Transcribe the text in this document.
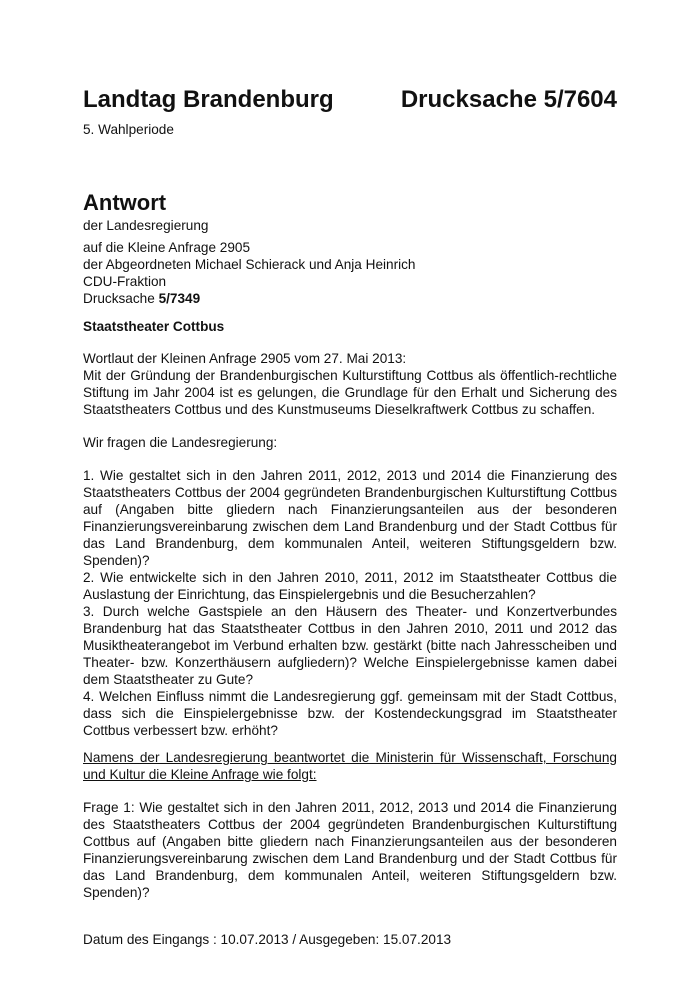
Landtag Brandenburg	Drucksache 5/7604
5. Wahlperiode
Antwort
der Landesregierung
auf die Kleine Anfrage 2905
der Abgeordneten Michael Schierack und Anja Heinrich
CDU-Fraktion
Drucksache 5/7349
Staatstheater Cottbus
Wortlaut der Kleinen Anfrage 2905 vom 27. Mai 2013:
Mit der Gründung der Brandenburgischen Kulturstiftung Cottbus als öffentlich-rechtliche Stiftung im Jahr 2004 ist es gelungen, die Grundlage für den Erhalt und Sicherung des Staatstheaters Cottbus und des Kunstmuseums Dieselkraftwerk Cottbus zu schaffen.
Wir fragen die Landesregierung:
1. Wie gestaltet sich in den Jahren 2011, 2012, 2013 und 2014 die Finanzierung des Staatstheaters Cottbus der 2004 gegründeten Brandenburgischen Kulturstiftung Cottbus auf (Angaben bitte gliedern nach Finanzierungsanteilen aus der besonderen Finanzierungsvereinbarung zwischen dem Land Brandenburg und der Stadt Cottbus für das Land Brandenburg, dem kommunalen Anteil, weiteren Stiftungsgeldern bzw. Spenden)?
2. Wie entwickelte sich in den Jahren 2010, 2011, 2012 im Staatstheater Cottbus die Auslastung der Einrichtung, das Einspielergebnis und die Besucherzahlen?
3. Durch welche Gastspiele an den Häusern des Theater- und Konzertverbundes Brandenburg hat das Staatstheater Cottbus in den Jahren 2010, 2011 und 2012 das Musiktheaterangebot im Verbund erhalten bzw. gestärkt (bitte nach Jahresscheiben und Theater- bzw. Konzerthäusern aufgliedern)? Welche Einspielergebnisse kamen dabei dem Staatstheater zu Gute?
4. Welchen Einfluss nimmt die Landesregierung ggf. gemeinsam mit der Stadt Cottbus, dass sich die Einspielergebnisse bzw. der Kostendeckungsgrad im Staatstheater Cottbus verbessert bzw. erhöht?
Namens der Landesregierung beantwortet die Ministerin für Wissenschaft, Forschung und Kultur die Kleine Anfrage wie folgt:
Frage 1: Wie gestaltet sich in den Jahren 2011, 2012, 2013 und 2014 die Finanzierung des Staatstheaters Cottbus der 2004 gegründeten Brandenburgischen Kulturstiftung Cottbus auf (Angaben bitte gliedern nach Finanzierungsanteilen aus der besonderen Finanzierungsvereinbarung zwischen dem Land Brandenburg und der Stadt Cottbus für das Land Brandenburg, dem kommunalen Anteil, weiteren Stiftungsgeldern bzw. Spenden)?
Datum des Eingangs : 10.07.2013 / Ausgegeben: 15.07.2013
